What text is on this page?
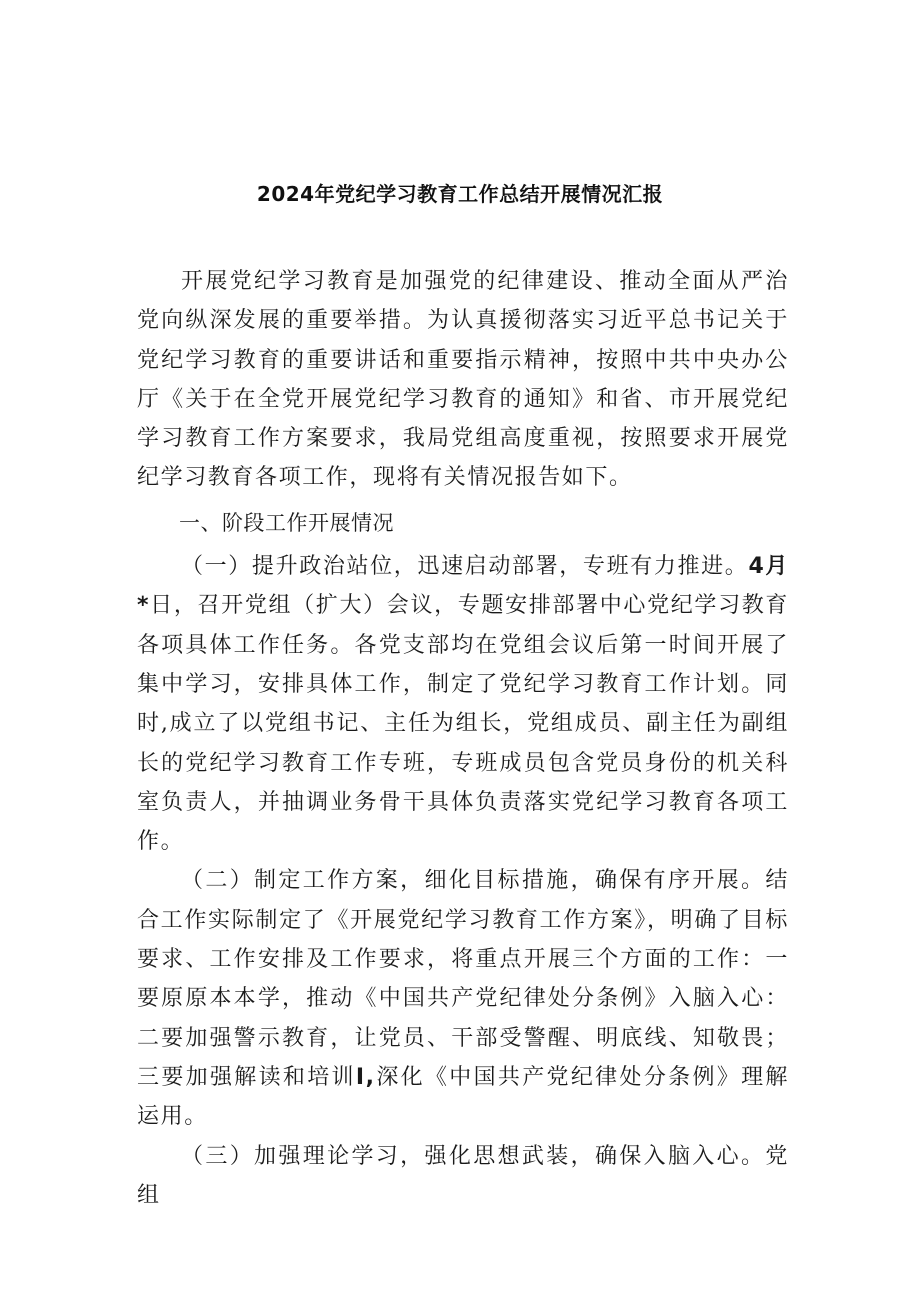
2024年党纪学习教育工作总结开展情况汇报

开展党纪学习教育是加强党的纪律建设、推动全面从严治党向纵深发展的重要举措。为认真援彻落实习近平总书记关于党纪学习教育的重要讲话和重要指示精神，按照中共中央办公厅《关于在全党开展党纪学习教育的通知》和省、市开展党纪学习教育工作方案要求，我局党组高度重视，按照要求开展党纪学习教育各项工作，现将有关情况报告如下。

一、阶段工作开展情况

（一）提升政治站位，迅速启动部署，专班有力推进。4月*日，召开党组（扩大）会议，专题安排部署中心党纪学习教育各项具体工作任务。各党支部均在党组会议后第一时间开展了集中学习，安排具体工作，制定了党纪学习教育工作计划。同时,成立了以党组书记、主任为组长，党组成员、副主任为副组长的党纪学习教育工作专班，专班成员包含党员身份的机关科室负责人，并抽调业务骨干具体负责落实党纪学习教育各项工作。

（二）制定工作方案，细化目标措施，确保有序开展。结合工作实际制定了《开展党纪学习教育工作方案》，明确了目标要求、工作安排及工作要求，将重点开展三个方面的工作：一要原原本本学，推动《中国共产党纪律处分条例》入脑入心：二要加强警示教育，让党员、干部受警醒、明底线、知敬畏；三要加强解读和培训I,深化《中国共产党纪律处分条例》理解运用。

（三）加强理论学习，强化思想武装，确保入脑入心。党组
